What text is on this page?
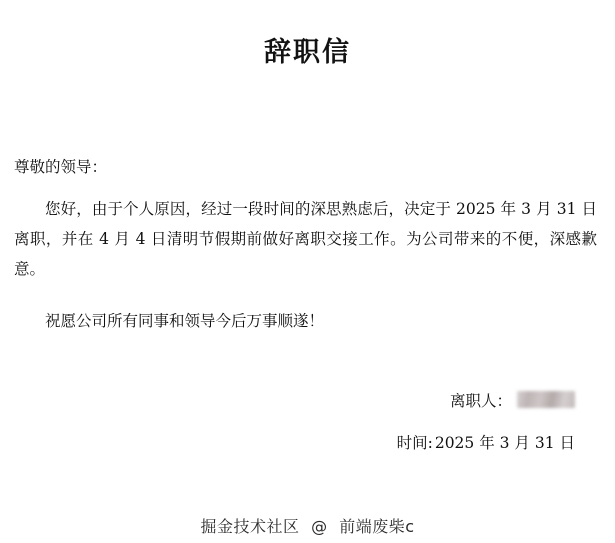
辞职信
尊敬的领导：

您好，由于个人原因，经过一段时间的深思熟虑后，决定于 2025 年 3 月 31 日离职，并在 4 月 4 日清明节假期前做好离职交接工作。为公司带来的不便，深感歉意。

祝愿公司所有同事和领导今后万事顺遂！

离职人：
时间: 2025 年 3 月 31 日
掘金技术社区 @ 前端废柴c
